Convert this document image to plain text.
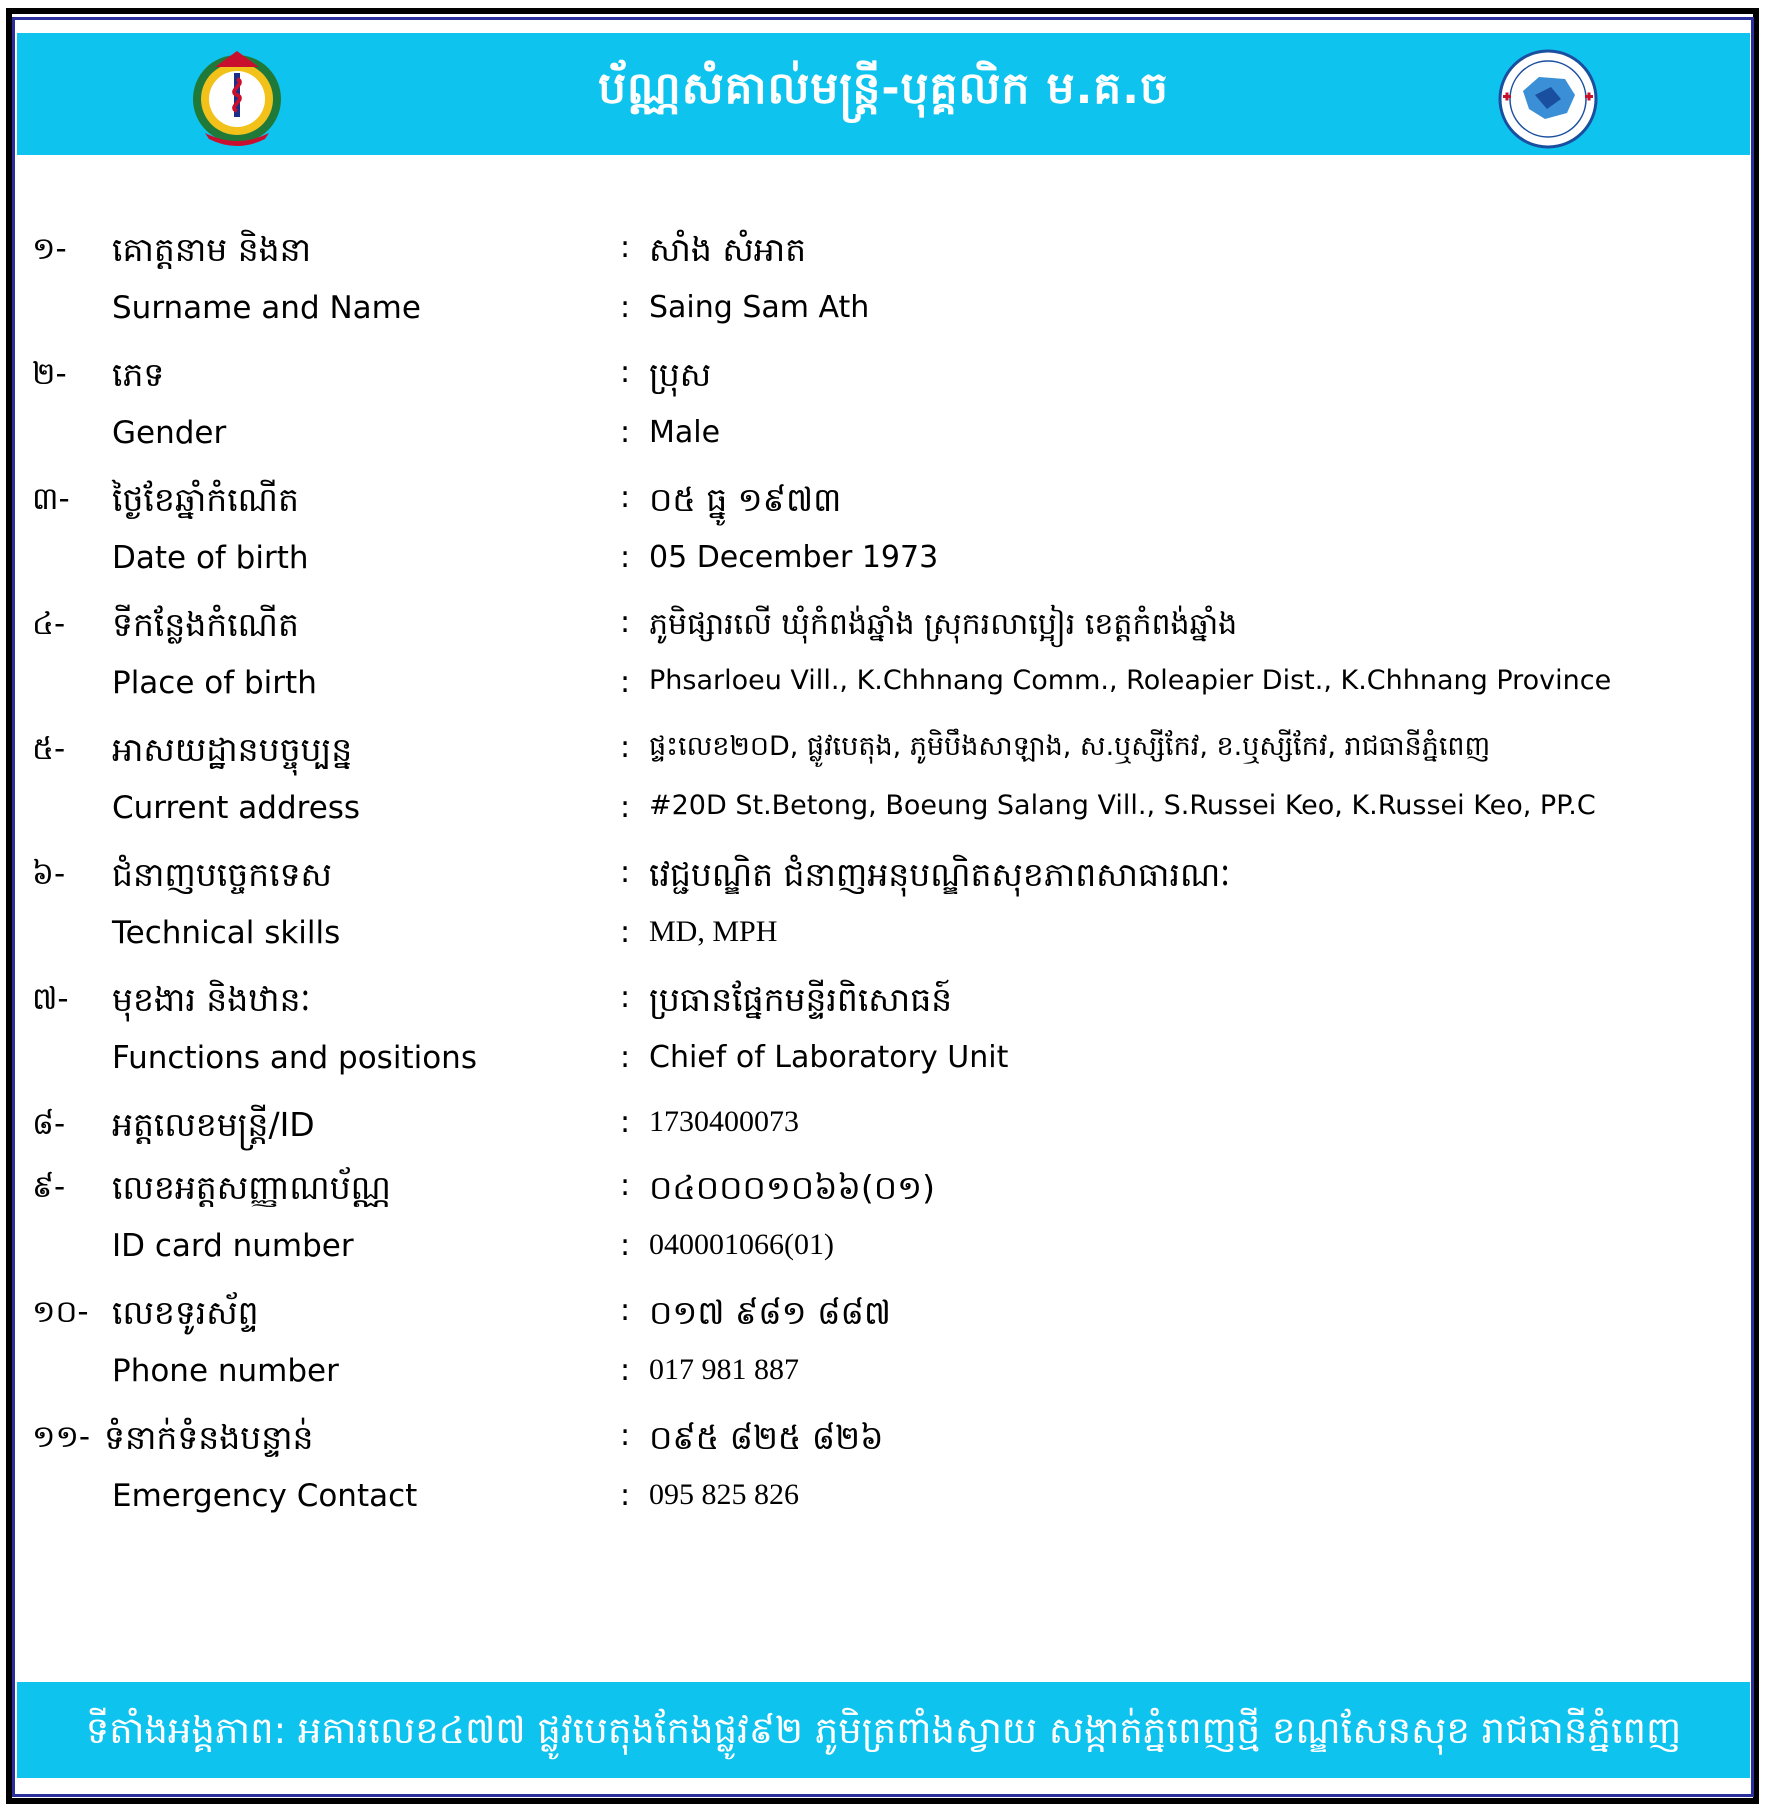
ប័ណ្ណសំគាល់មន្ត្រី-បុគ្គលិក ម.គ.ច
១- គោត្តនាម និងនា	: សាំង សំអាត
Surname and Name	: Saing Sam Ath
២- ភេទ	: ប្រុស
Gender	: Male
៣- ថ្ងៃខែឆ្នាំកំណើត	: ០៥ ធ្នូ ១៩៧៣
Date of birth	: 05 December 1973
៤- ទីកន្លែងកំណើត	: ភូមិផ្សារលើ ឃុំកំពង់ឆ្នាំង ស្រុករលាប្អៀរ ខេត្តកំពង់ឆ្នាំង
Place of birth	: Phsarloeu Vill., K.Chhnang Comm., Roleapier Dist., K.Chhnang Province
៥- អាសយដ្ឋានបច្ចុប្បន្ន	: ផ្ទះលេខ២០D, ផ្លូវបេតុង, ភូមិបឹងសាឡាង, ស.ឬស្សីកែវ, ខ.ឬស្សីកែវ, រាជធានីភ្នំពេញ
Current address	: #20D St.Betong, Boeung Salang Vill., S.Russei Keo, K.Russei Keo, PP.C
៦- ជំនាញបច្ចេកទេស	: វេជ្ជបណ្ឌិត ជំនាញអនុបណ្ឌិតសុខភាពសាធារណៈ
Technical skills	: MD, MPH
៧- មុខងារ និងឋានៈ	: ប្រធានផ្នែកមន្ទីរពិសោធន៍
Functions and positions	: Chief of Laboratory Unit
៨- អត្តលេខមន្ត្រី/ID	: 1730400073
៩- លេខអត្តសញ្ញាណប័ណ្ណ	: ០៤០០០១០៦៦(០១)
ID card number	: 040001066(01)
១០- លេខទូរស័ព្ទ	: ០១៧ ៩៨១ ៨៨៧
Phone number	: 017 981 887
១១- ទំនាក់ទំនងបន្ទាន់	: ០៩៥ ៨២៥ ៨២៦
Emergency Contact	: 095 825 826
ទីតាំងអង្គភាព: អគារលេខ៤៧៧ ផ្លូវបេតុងកែងផ្លូវ៩២ ភូមិត្រពាំងស្វាយ សង្កាត់ភ្នំពេញថ្មី ខណ្ឌសែនសុខ រាជធានីភ្នំពេញ
